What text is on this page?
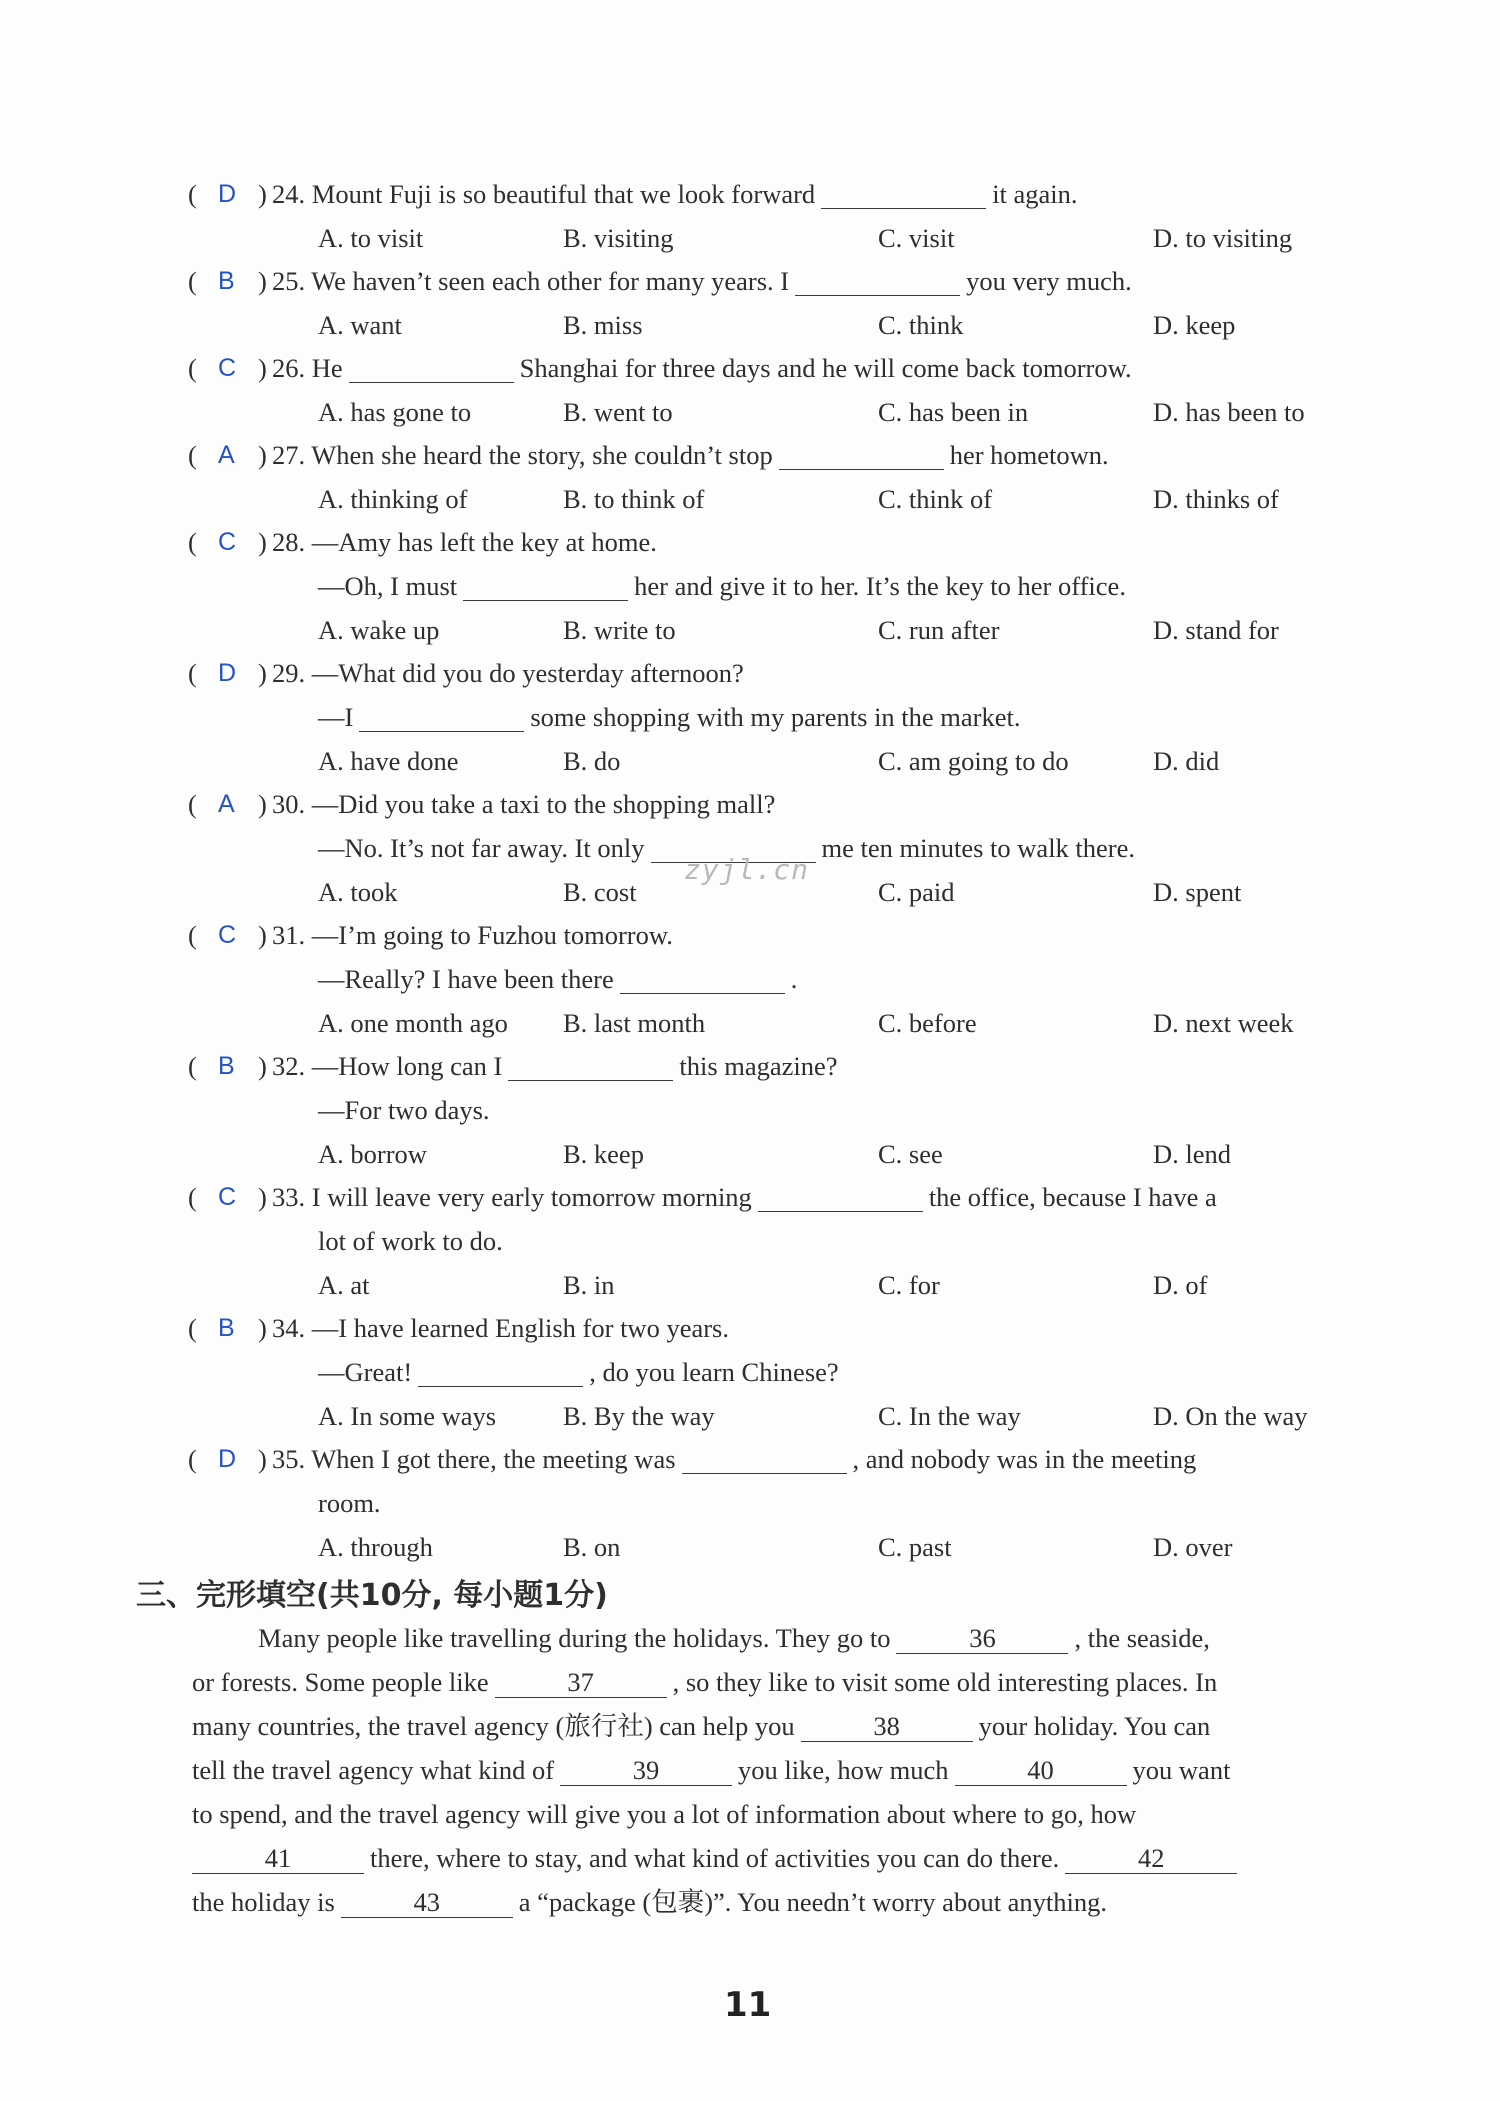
( D ) 24. Mount Fuji is so beautiful that we look forward	it again.
A. to visit	B. visiting	C. visit	D. to visiting
( B ) 25. We haven’t seen each other for many years. I	you very much.
A. want	B. miss	C. think	D. keep
( C ) 26. He	Shanghai for three days and he will come back tomorrow.
A. has gone to	B. went to	C. has been in	D. has been to
( A ) 27. When she heard the story, she couldn’t stop	her hometown.
A. thinking of	B. to think of	C. think of	D. thinks of
( C ) 28. —Amy has left the key at home.
—Oh, I must	her and give it to her. It’s the key to her office.
A. wake up	B. write to	C. run after	D. stand for
( D ) 29. —What did you do yesterday afternoon?
—I	some shopping with my parents in the market.
A. have done	B. do	C. am going to do	D. did
( A ) 30. —Did you take a taxi to the shopping mall?
—No. It’s not far away. It only	me ten minutes to walk there.
A. took	B. cost	C. paid	D. spent
( C ) 31. —I’m going to Fuzhou tomorrow.
—Really? I have been there	.
A. one month ago B. last month	C. before	D. next week
( B ) 32. —How long can I	this magazine?
—For two days.
A. borrow	B. keep	C. see	D. lend
( C ) 33. I will leave very early tomorrow morning	the office, because I have a
lot of work to do.
A. at	B. in	C. for	D. of
( B ) 34. —I have learned English for two years.
—Great!	, do you learn Chinese?
A. In some ways	B. By the way	C. In the way	D. On the way
( D ) 35. When I got there, the meeting was	, and nobody was in the meeting
room.
A. through	B. on	C. past	D. over
三、完形填空(共10分, 每小题1分)
Many people like travelling during the holidays. They go to	36	, the seaside,
or forests. Some people like	37	, so they like to visit some old interesting places. In
many countries, the travel agency (旅行社) can help you	38	your holiday. You can
tell the travel agency what kind of	39	you like, how much	40	you want
to spend, and the travel agency will give you a lot of information about where to go, how
41	there, where to stay, and what kind of activities you can do there.	42
the holiday is	43	a “package (包裹)”. You needn’t worry about anything.
zyjl.cn
11
